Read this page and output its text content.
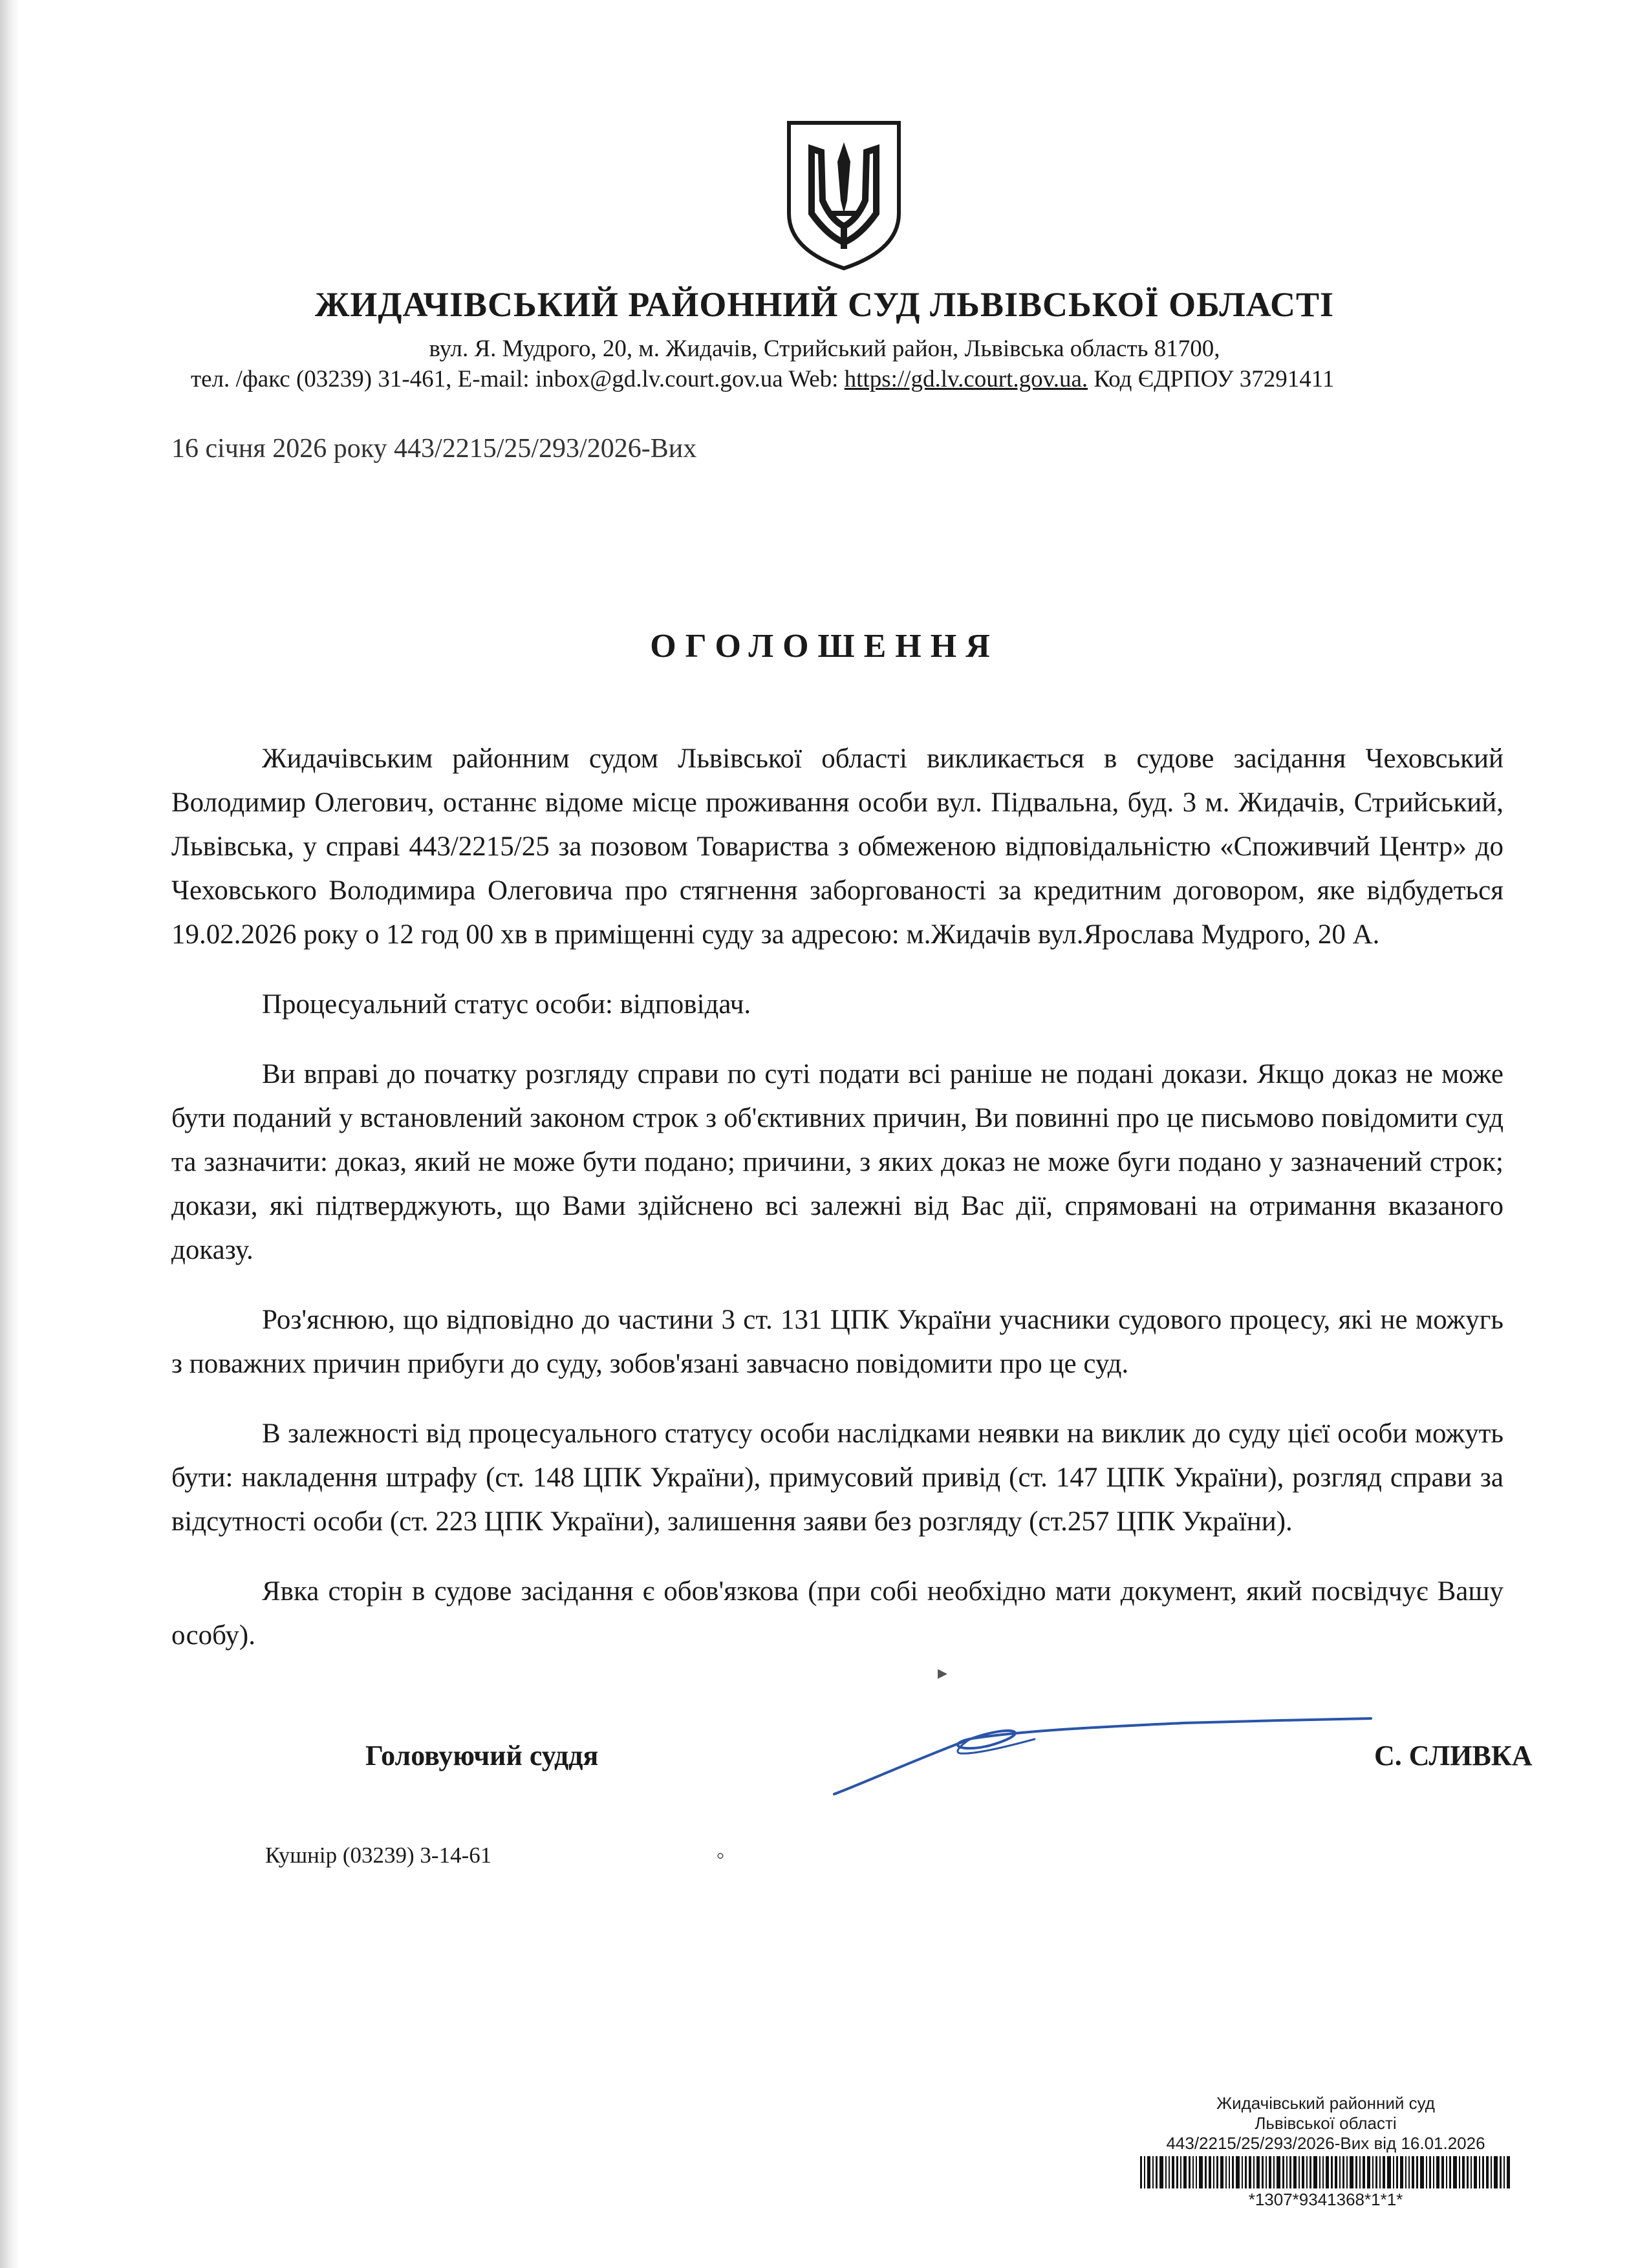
ЖИДАЧІВСЬКИЙ РАЙОННИЙ СУД ЛЬВІВСЬКОЇ ОБЛАСТІ
вул. Я. Мудрого, 20, м. Жидачів, Стрийський район, Львівська область 81700,
тел. /факс (03239) 31-461, E-mail: inbox@gd.lv.court.gov.ua Web: https://gd.lv.court.gov.ua. Код ЄДРПОУ 37291411
16 січня 2026 року 443/2215/25/293/2026-Вих
ОГОЛОШЕННЯ

Жидачівським районним судом Львівської області викликається в судове засідання Чеховський Володимир Олегович, останнє відоме місце проживання особи вул. Підвальна, буд. 3 м. Жидачів, Стрийський, Львівська, у справі 443/2215/25 за позовом Товариства з обмеженою відповідальністю «Споживчий Центр» до Чеховського Володимира Олеговича про стягнення заборгованості за кредитним договором, яке відбудеться 19.02.2026 року о 12 год 00 хв в приміщенні суду за адресою: м.Жидачів вул.Ярослава Мудрого, 20 А.

Процесуальний статус особи: відповідач.

Ви вправі до початку розгляду справи по суті подати всі раніше не подані докази. Якщо доказ не може бути поданий у встановлений законом строк з об'єктивних причин, Ви повинні про це письмово повідомити суд та зазначити: доказ, який не може бути подано; причини, з яких доказ не може буги подано у зазначений строк; докази, які підтверджують, що Вами здійснено всі залежні від Вас дії, спрямовані на отримання вказаного доказу.

Роз'яснюю, що відповідно до частини 3 ст. 131 ЦПК України учасники судового процесу, які не можугь з поважних причин прибуги до суду, зобов'язані завчасно повідомити про це суд.

В залежності від процесуального статусу особи наслідками неявки на виклик до суду цієї особи можуть бути: накладення штрафу (ст. 148 ЦПК України), примусовий привід (ст. 147 ЦПК України), розгляд справи за відсутності особи (ст. 223 ЦПК України), залишення заяви без розгляду (ст.257 ЦПК України).

Явка сторін в судове засідання є обов'язкова (при собі необхідно мати документ, який посвідчує Вашу особу).

Головуючий суддя	С. СЛИВКА
Кушнір (03239) 3-14-61
▸
°
Жидачівський районний суд
Львівської області
443/2215/25/293/2026-Вих від 16.01.2026
*1307*9341368*1*1*
